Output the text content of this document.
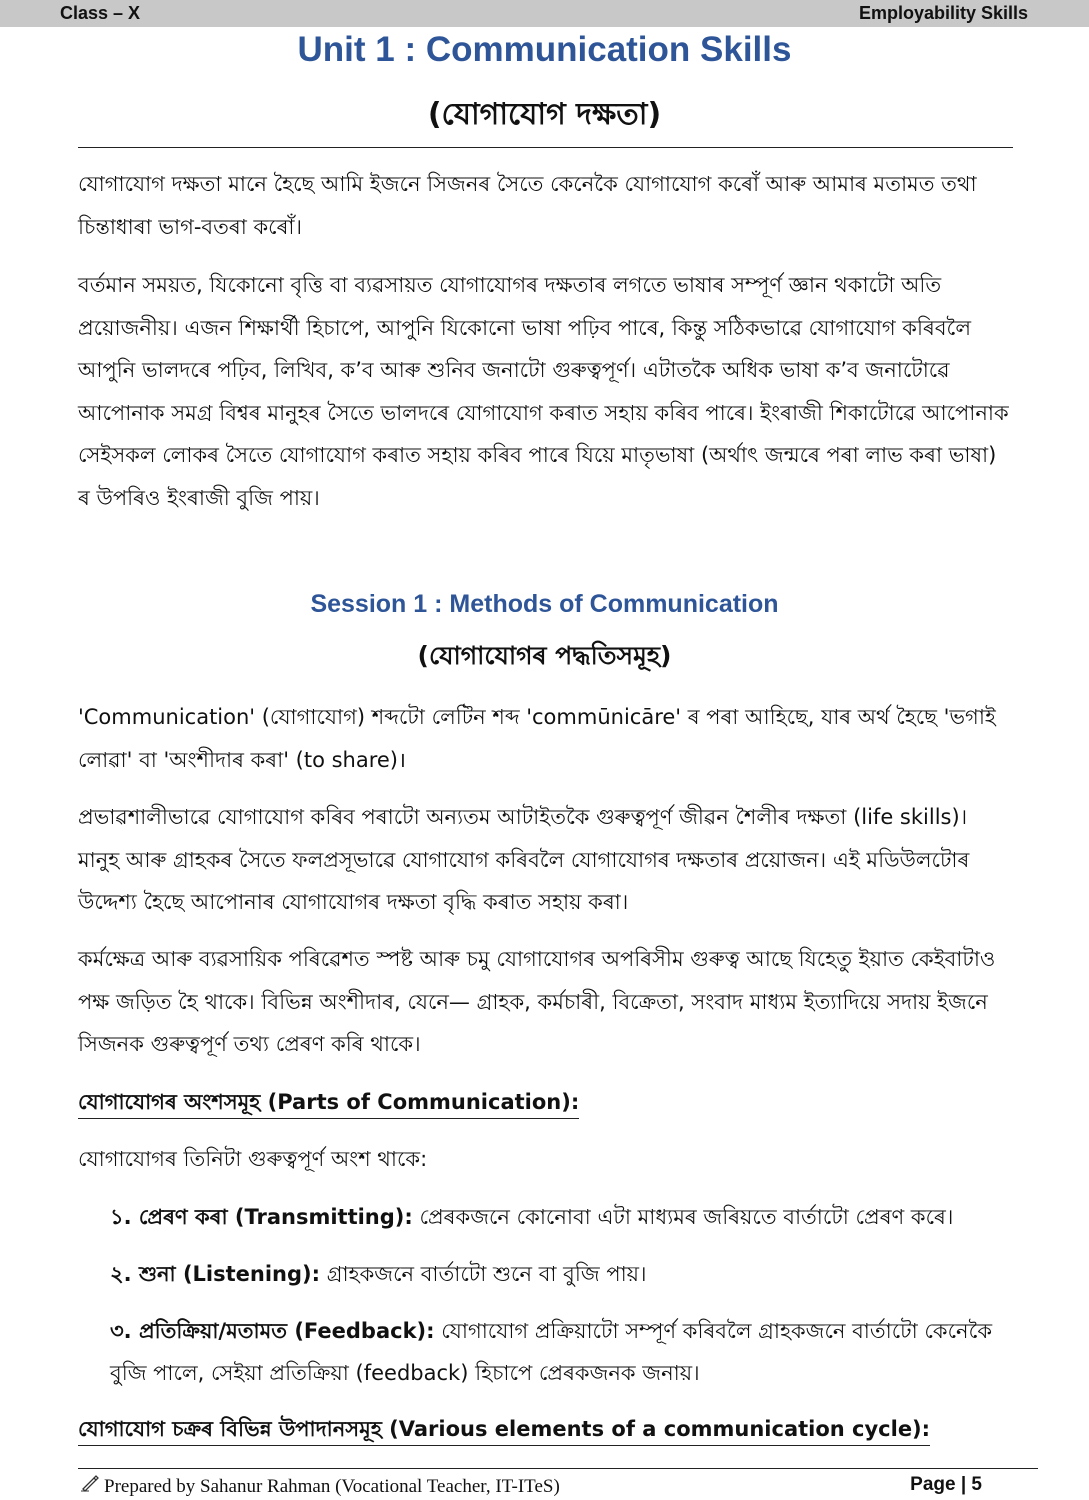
Class – X	Employability Skills
Unit 1 : Communication Skills
(যোগাযোগ দক্ষতা)

যোগাযোগ দক্ষতা মানে হৈছে আমি ইজনে সিজনৰ সৈতে কেনেকৈ যোগাযোগ কৰোঁ আৰু আমাৰ মতামত তথা চিন্তাধাৰা ভাগ-বতৰা কৰোঁ।

বৰ্তমান সময়ত, যিকোনো বৃত্তি বা ব্যৱসায়ত যোগাযোগৰ দক্ষতাৰ লগতে ভাষাৰ সম্পূৰ্ণ জ্ঞান থকাটো অতি প্ৰয়োজনীয়। এজন শিক্ষাৰ্থী হিচাপে, আপুনি যিকোনো ভাষা পঢ়িব পাৰে, কিন্তু সঠিকভাৱে যোগাযোগ কৰিবলৈ আপুনি ভালদৰে পঢ়িব, লিখিব, ক’ব আৰু শুনিব জনাটো গুৰুত্বপূৰ্ণ। এটাতকৈ অধিক ভাষা ক’ব জনাটোৱে আপোনাক সমগ্ৰ বিশ্বৰ মানুহৰ সৈতে ভালদৰে যোগাযোগ কৰাত সহায় কৰিব পাৰে। ইংৰাজী শিকাটোৱে আপোনাক সেইসকল লোকৰ সৈতে যোগাযোগ কৰাত সহায় কৰিব পাৰে যিয়ে মাতৃভাষা (অৰ্থাৎ জন্মৰে পৰা লাভ কৰা ভাষা) ৰ উপৰিও ইংৰাজী বুজি পায়।

Session 1 : Methods of Communication
(যোগাযোগৰ পদ্ধতিসমূহ)

'Communication' (যোগাযোগ) শব্দটো লেটিন শব্দ 'commūnicāre' ৰ পৰা আহিছে, যাৰ অৰ্থ হৈছে 'ভগাই লোৱা' বা 'অংশীদাৰ কৰা' (to share)।

প্ৰভাৱশালীভাৱে যোগাযোগ কৰিব পৰাটো অন্যতম আটাইতকৈ গুৰুত্বপূৰ্ণ জীৱন শৈলীৰ দক্ষতা (life skills)। মানুহ আৰু গ্ৰাহকৰ সৈতে ফলপ্ৰসূভাৱে যোগাযোগ কৰিবলৈ যোগাযোগৰ দক্ষতাৰ প্ৰয়োজন। এই মডিউলটোৰ উদ্দেশ্য হৈছে আপোনাৰ যোগাযোগৰ দক্ষতা বৃদ্ধি কৰাত সহায় কৰা।

কৰ্মক্ষেত্ৰ আৰু ব্যৱসায়িক পৰিৱেশত স্পষ্ট আৰু চমু যোগাযোগৰ অপৰিসীম গুৰুত্ব আছে যিহেতু ইয়াত কেইবাটাও পক্ষ জড়িত হৈ থাকে। বিভিন্ন অংশীদাৰ, যেনে— গ্ৰাহক, কৰ্মচাৰী, বিক্ৰেতা, সংবাদ মাধ্যম ইত্যাদিয়ে সদায় ইজনে সিজনক গুৰুত্বপূৰ্ণ তথ্য প্ৰেৰণ কৰি থাকে।

যোগাযোগৰ অংশসমূহ (Parts of Communication):

যোগাযোগৰ তিনিটা গুৰুত্বপূৰ্ণ অংশ থাকে:

১. প্ৰেৰণ কৰা (Transmitting): প্ৰেৰকজনে কোনোবা এটা মাধ্যমৰ জৰিয়তে বাৰ্তাটো প্ৰেৰণ কৰে।

২. শুনা (Listening): গ্ৰাহকজনে বাৰ্তাটো শুনে বা বুজি পায়।

৩. প্ৰতিক্ৰিয়া/মতামত (Feedback): যোগাযোগ প্ৰক্ৰিয়াটো সম্পূৰ্ণ কৰিবলৈ গ্ৰাহকজনে বাৰ্তাটো কেনেকৈ বুজি পালে, সেইয়া প্ৰতিক্ৰিয়া (feedback) হিচাপে প্ৰেৰকজনক জনায়।

যোগাযোগ চক্ৰৰ বিভিন্ন উপাদানসমূহ (Various elements of a communication cycle):
Prepared by Sahanur Rahman (Vocational Teacher, IT-ITeS)	Page | 5
